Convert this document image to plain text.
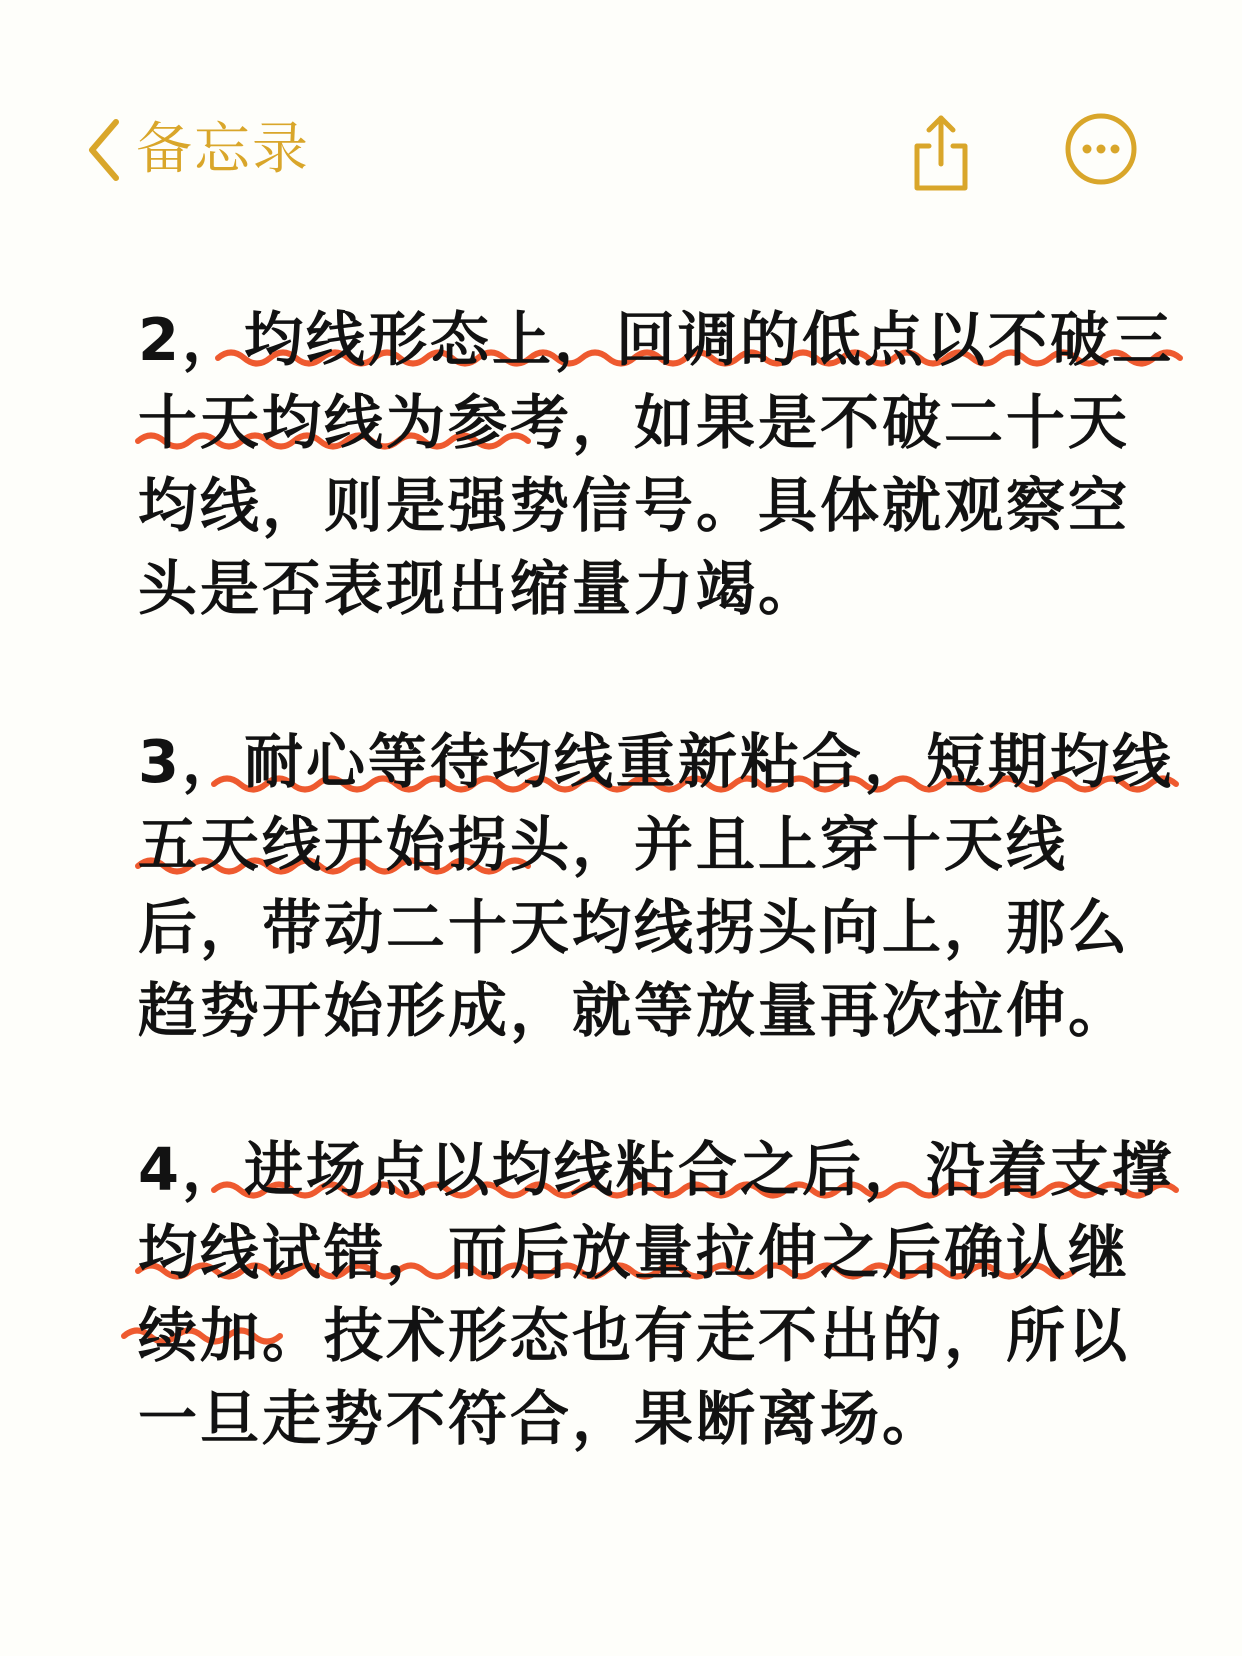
备忘录
2，均线形态上，回调的低点以不破三
十天均线为参考，如果是不破二十天
均线，则是强势信号。具体就观察空
头是否表现出缩量力竭。
3，耐心等待均线重新粘合，短期均线
五天线开始拐头，并且上穿十天线
后，带动二十天均线拐头向上，那么
趋势开始形成，就等放量再次拉伸。
4，进场点以均线粘合之后，沿着支撑
均线试错，而后放量拉伸之后确认继
续加。技术形态也有走不出的，所以
一旦走势不符合，果断离场。
